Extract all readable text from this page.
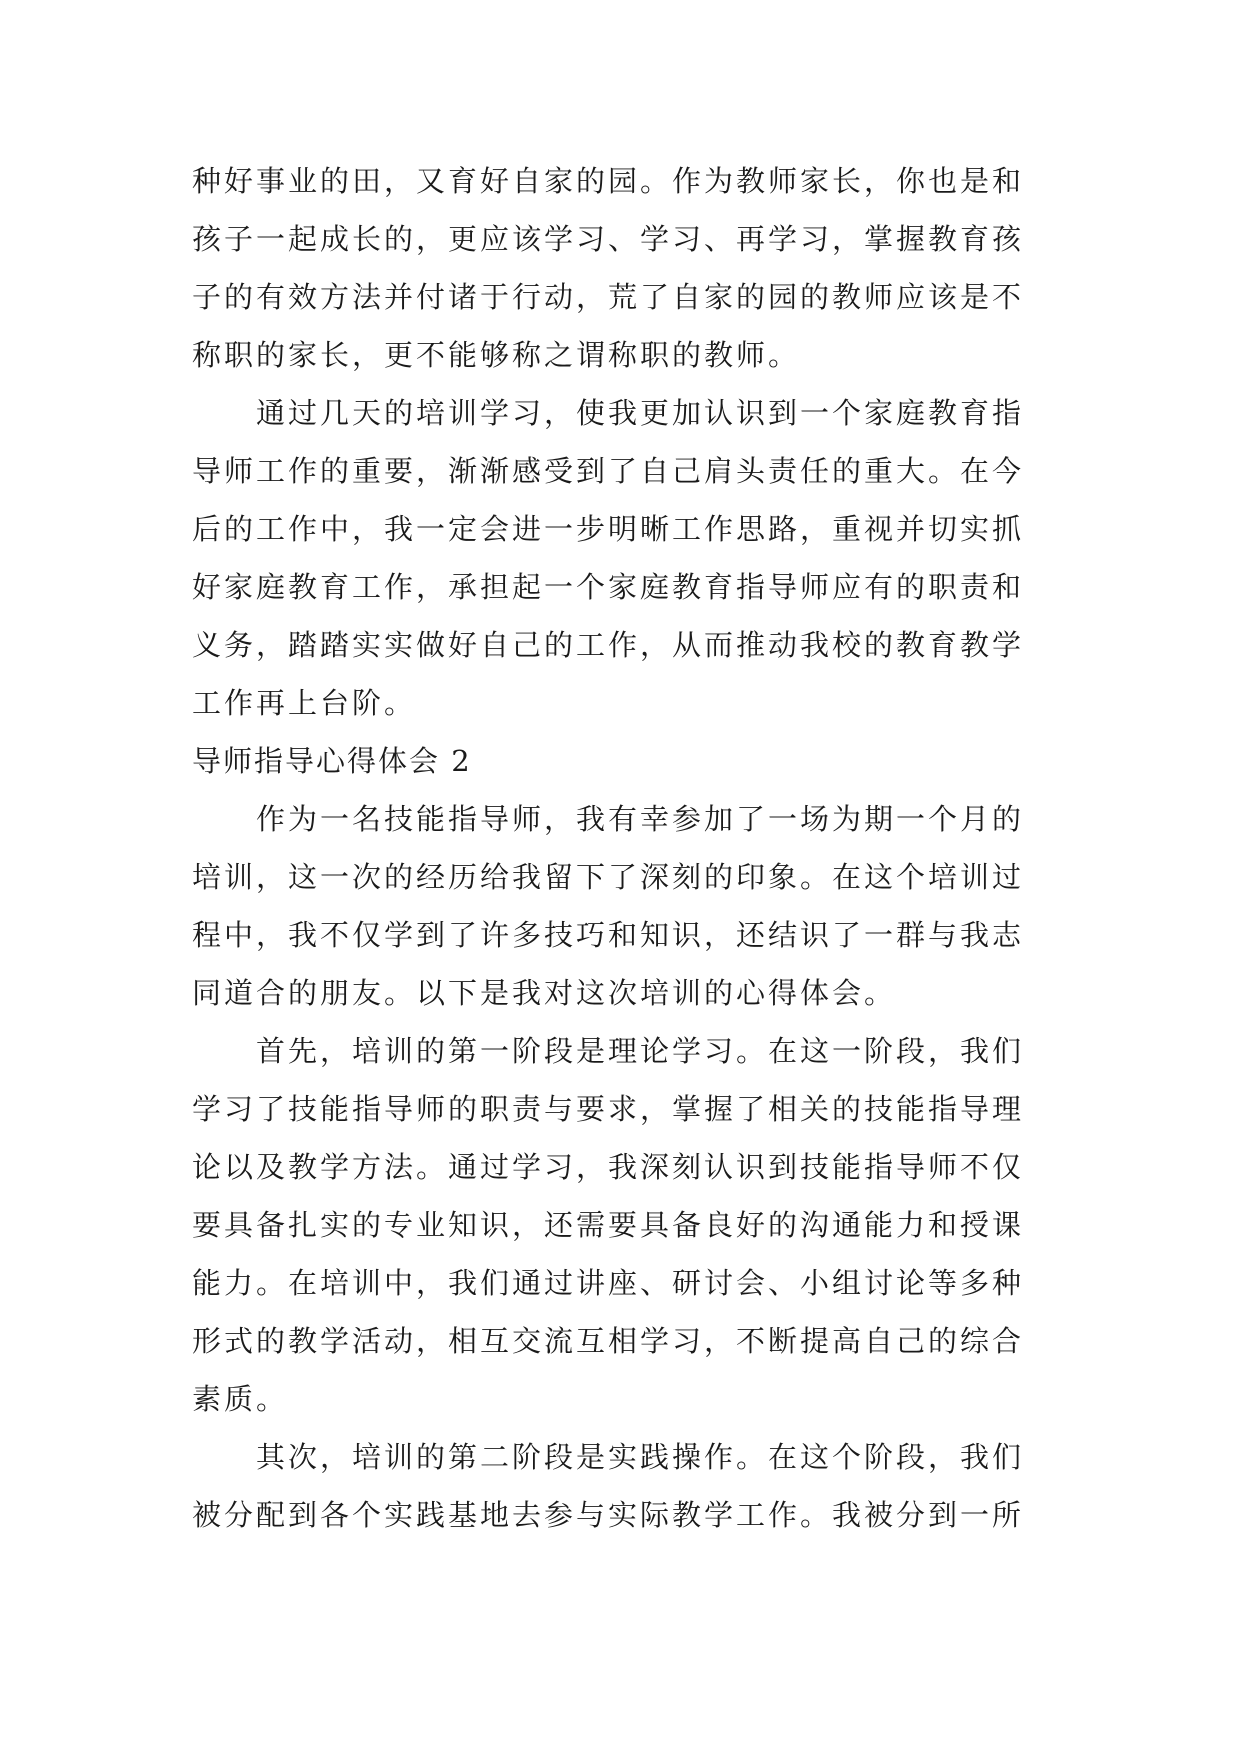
种好事业的田，又育好自家的园。作为教师家长，你也是和孩子一起成长的，更应该学习、学习、再学习，掌握教育孩子的有效方法并付诸于行动，荒了自家的园的教师应该是不称职的家长，更不能够称之谓称职的教师。

通过几天的培训学习，使我更加认识到一个家庭教育指导师工作的重要，渐渐感受到了自己肩头责任的重大。在今后的工作中，我一定会进一步明晰工作思路，重视并切实抓好家庭教育工作，承担起一个家庭教育指导师应有的职责和义务，踏踏实实做好自己的工作，从而推动我校的教育教学工作再上台阶。

导师指导心得体会 2

作为一名技能指导师，我有幸参加了一场为期一个月的培训，这一次的经历给我留下了深刻的印象。在这个培训过程中，我不仅学到了许多技巧和知识，还结识了一群与我志同道合的朋友。以下是我对这次培训的心得体会。

首先，培训的第一阶段是理论学习。在这一阶段，我们学习了技能指导师的职责与要求，掌握了相关的技能指导理论以及教学方法。通过学习，我深刻认识到技能指导师不仅要具备扎实的专业知识，还需要具备良好的沟通能力和授课能力。在培训中，我们通过讲座、研讨会、小组讨论等多种形式的教学活动，相互交流互相学习，不断提高自己的综合素质。

其次，培训的第二阶段是实践操作。在这个阶段，我们被分配到各个实践基地去参与实际教学工作。我被分到一所
